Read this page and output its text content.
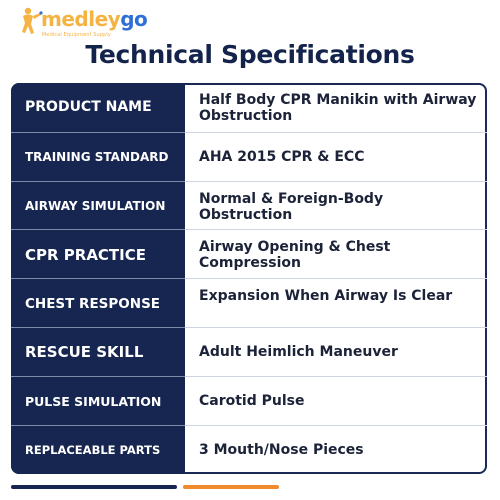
medleygo
Medical Equipment Supply
Technical Specifications
PRODUCT NAME	Half Body CPR Manikin with Airway Obstruction
TRAINING STANDARD	AHA 2015 CPR & ECC
AIRWAY SIMULATION	Normal & Foreign-Body Obstruction
CPR PRACTICE	Airway Opening & Chest Compression
CHEST RESPONSE	Expansion When Airway Is Clear
RESCUE SKILL	Adult Heimlich Maneuver
PULSE SIMULATION	Carotid Pulse
REPLACEABLE PARTS	3 Mouth/Nose Pieces
